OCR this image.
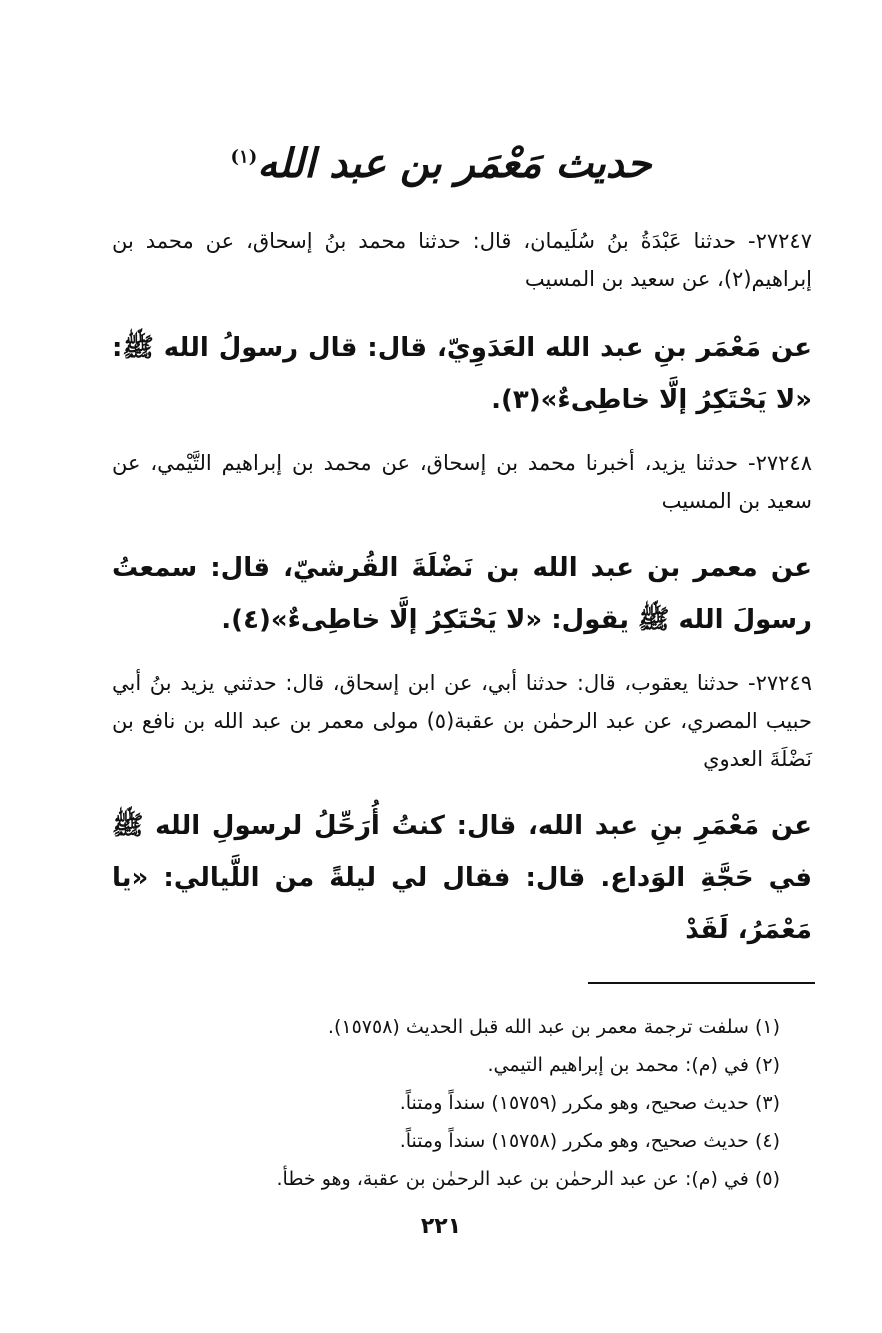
حديث مَعْمَر بن عبد الله$^{(١)}$
٢٧٢٤٧- حدثنا عَبْدَةُ بنُ سُلَيمان، قال: حدثنا محمد بنُ إسحاق، عن محمد بن إبراهيم(٢)، عن سعيد بن المسيب
عن مَعْمَر بنِ عبد الله العَدَوِيّ، قال: قال رسولُ الله ﷺ: «لا يَحْتَكِرُ إلَّا خاطِىءٌ»(٣).
٢٧٢٤٨- حدثنا يزيد، أخبرنا محمد بن إسحاق، عن محمد بن إبراهيم التَّيْمي، عن سعيد بن المسيب
عن معمر بن عبد الله بن نَضْلَةَ القُرشيّ، قال: سمعتُ رسولَ الله ﷺ يقول: «لا يَحْتَكِرُ إلَّا خاطِىءٌ»(٤).
٢٧٢٤٩- حدثنا يعقوب، قال: حدثنا أبي، عن ابن إسحاق، قال: حدثني يزيد بنُ أبي حبيب المصري، عن عبد الرحمٰن بن عقبة(٥) مولى معمر بن عبد الله بن نافع بن نَضْلَةَ العدوي
عن مَعْمَرِ بنِ عبد الله، قال: كنتُ أُرَحِّلُ لرسولِ الله ﷺ في حَجَّةِ الوَداع. قال: فقال لي ليلةً من اللَّيالي: «يا مَعْمَرُ، لَقَدْ
(١) سلفت ترجمة معمر بن عبد الله قبل الحديث (١٥٧٥٨).
(٢) في (م): محمد بن إبراهيم التيمي.
(٣) حديث صحيح، وهو مكرر (١٥٧٥٩) سنداً ومتناً.
(٤) حديث صحيح، وهو مكرر (١٥٧٥٨) سنداً ومتناً.
(٥) في (م): عن عبد الرحمٰن بن عبد الرحمٰن بن عقبة، وهو خطأ.
٢٢١
